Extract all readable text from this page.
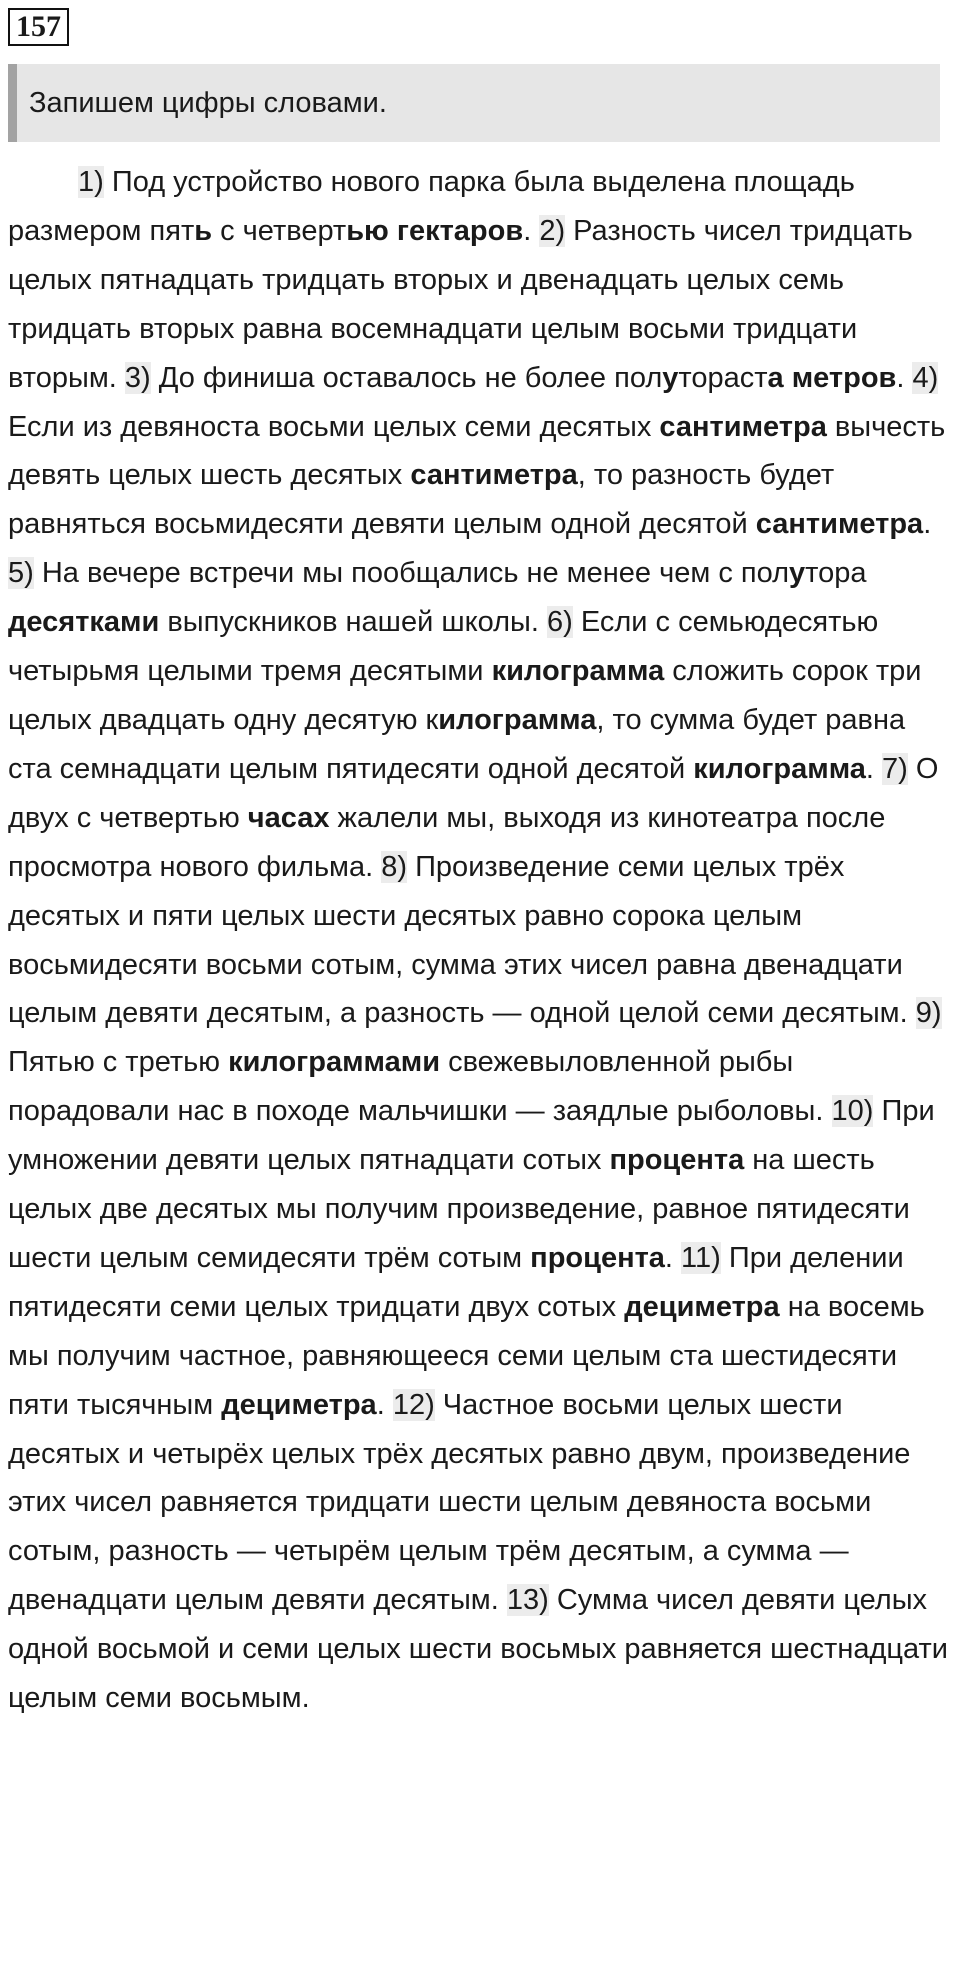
157
Запишем цифры словами.

1) Под устройство нового парка была выделена площадь размером пять с четвертью гектаров. 2) Разность чисел тридцать целых пятнадцать тридцать вторых и двенадцать целых семь тридцать вторых равна восемнадцати целым восьми тридцати вторым. 3) До финиша оставалось не более полутораста метров. 4) Если из девяноста восьми целых семи десятых сантиметра вычесть девять целых шесть десятых сантиметра, то разность будет равняться восьмидесяти девяти целым одной десятой сантиметра. 5) На вечере встречи мы пообщались не менее чем с полутора десятками выпускников нашей школы. 6) Если с семьюдесятью четырьмя целыми тремя десятыми килограмма сложить сорок три целых двадцать одну десятую килограмма, то сумма будет равна ста семнадцати целым пятидесяти одной десятой килограмма. 7) О двух с четвертью часах жалели мы, выходя из кинотеатра после просмотра нового фильма. 8) Произведение семи целых трёх десятых и пяти целых шести десятых равно сорока целым восьмидесяти восьми сотым, сумма этих чисел равна двенадцати целым девяти десятым, а разность — одной целой семи десятым. 9) Пятью с третью килограммами свежевыловленной рыбы порадовали нас в походе мальчишки — заядлые рыболовы. 10) При умножении девяти целых пятнадцати сотых процента на шесть целых две десятых мы получим произведение, равное пятидесяти шести целым семидесяти трём сотым процента. 11) При делении пятидесяти семи целых тридцати двух сотых дециметра на восемь мы получим частное, равняющееся семи целым ста шестидесяти пяти тысячным дециметра. 12) Частное восьми целых шести десятых и четырёх целых трёх десятых равно двум, произведение этих чисел равняется тридцати шести целым девяноста восьми сотым, разность — четырём целым трём десятым, а сумма — двенадцати целым девяти десятым. 13) Сумма чисел девяти целых одной восьмой и семи целых шести восьмых равняется шестнадцати целым семи восьмым.
